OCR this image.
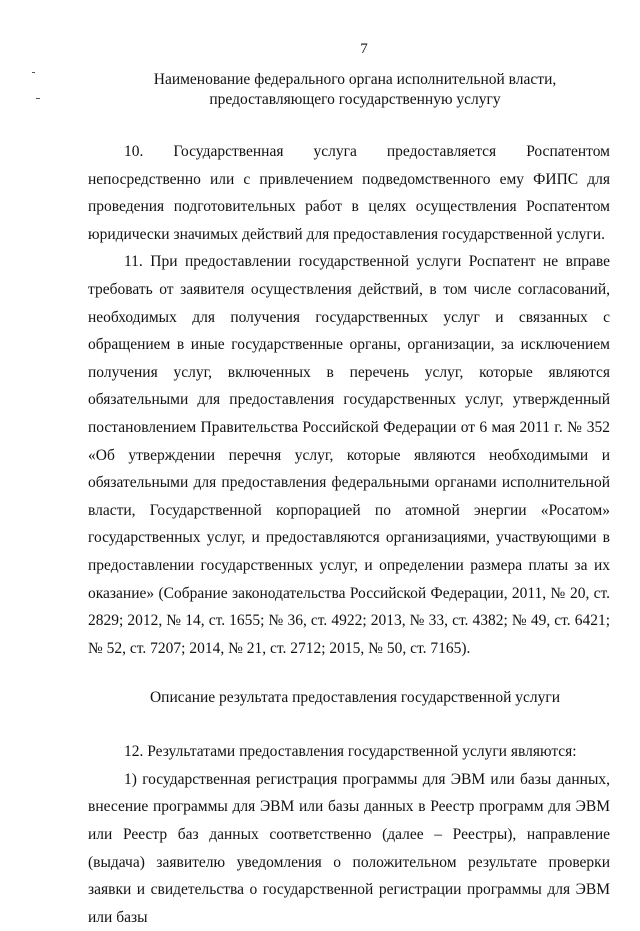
7

Наименование федерального органа исполнительной власти,

предоставляющего государственную услугу

10. Государственная услуга предоставляется Роспатентом непосредственно или с привлечением подведомственного ему ФИПС для проведения подготовительных работ в целях осуществления Роспатентом юридически значимых действий для предоставления государственной услуги.

11. При предоставлении государственной услуги Роспатент не вправе требовать от заявителя осуществления действий, в том числе согласований, необходимых для получения государственных услуг и связанных с обращением в иные государственные органы, организации, за исключением получения услуг, включенных в перечень услуг, которые являются обязательными для предоставления государственных услуг, утвержденный постановлением Правительства Российской Федерации от 6 мая 2011 г. № 352 «Об утверждении перечня услуг, которые являются необходимыми и обязательными для предоставления федеральными органами исполнительной власти, Государственной корпорацией по атомной энергии «Росатом» государственных услуг, и предоставляются организациями, участвующими в предоставлении государственных услуг, и определении размера платы за их оказание» (Собрание законодательства Российской Федерации, 2011, № 20, ст. 2829; 2012, № 14, ст. 1655; № 36, ст. 4922; 2013, № 33, ст. 4382; № 49, ст. 6421; № 52, ст. 7207; 2014, № 21, ст. 2712; 2015, № 50, ст. 7165).

Описание результата предоставления государственной услуги

12. Результатами предоставления государственной услуги являются:

1) государственная регистрация программы для ЭВМ или базы данных, внесение программы для ЭВМ или базы данных в Реестр программ для ЭВМ или Реестр баз данных соответственно (далее – Реестры), направление (выдача) заявителю уведомления о положительном результате проверки заявки и свидетельства о государственной регистрации программы для ЭВМ или базы
